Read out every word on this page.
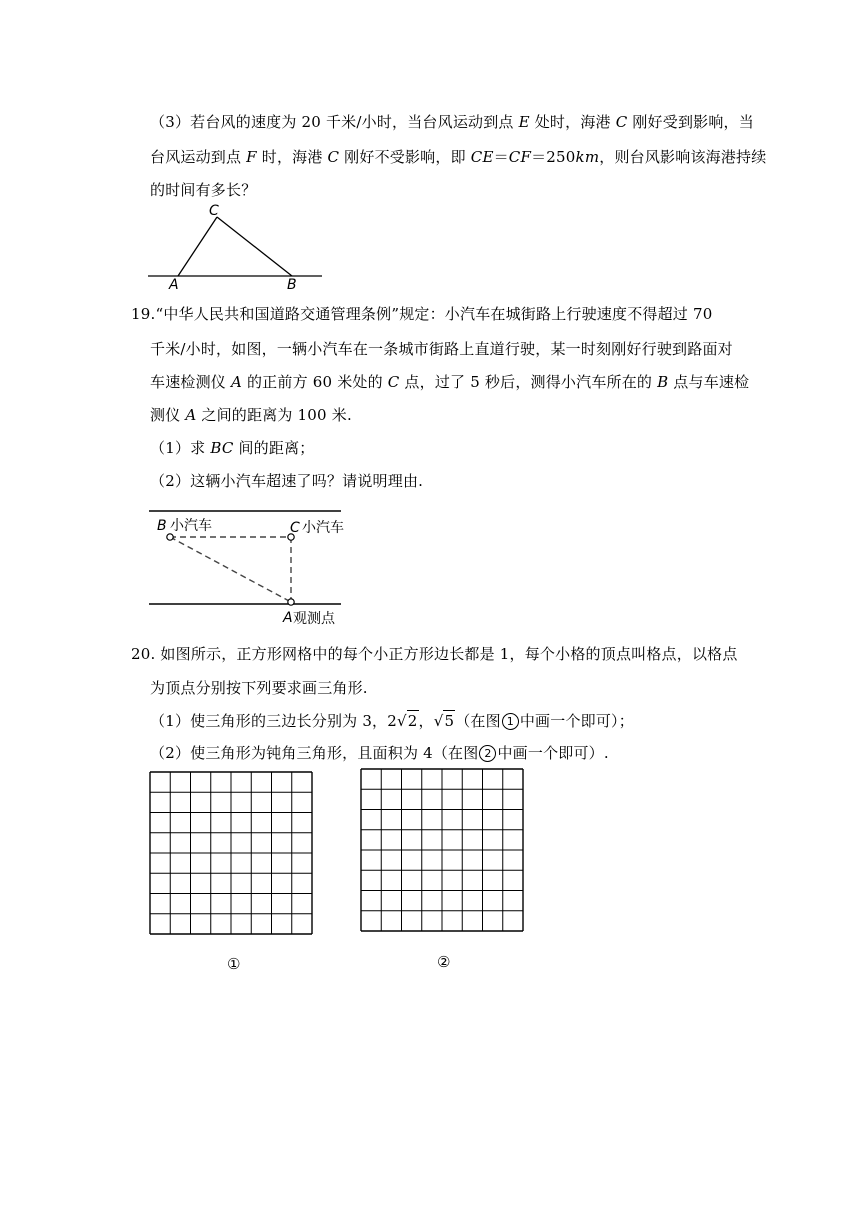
（3）若台风的速度为 20 千米/小时，当台风运动到点 E 处时，海港 C 刚好受到影响，当
台风运动到点 F 时，海港 C 刚好不受影响，即 CE＝CF＝250km，则台风影响该海港持续
的时间有多长？
C
A	B
19.“中华人民共和国道路交通管理条例”规定：小汽车在城街路上行驶速度不得超过 70
千米/小时，如图，一辆小汽车在一条城市街路上直道行驶，某一时刻刚好行驶到路面对
车速检测仪 A 的正前方 60 米处的 C 点，过了 5 秒后，测得小汽车所在的 B 点与车速检
测仪 A 之间的距离为 100 米.
（1）求 BC 间的距离；
（2）这辆小汽车超速了吗？请说明理由.
B 小汽车	C 小汽车
A 观测点
20. 如图所示，正方形网格中的每个小正方形边长都是 1，每个小格的顶点叫格点，以格点
为顶点分别按下列要求画三角形.
（1）使三角形的三边长分别为 3，2√2，√5（在图 1 中画一个即可）；
（2）使三角形为钝角三角形，且面积为 4（在图 2 中画一个即可）.
①	②
